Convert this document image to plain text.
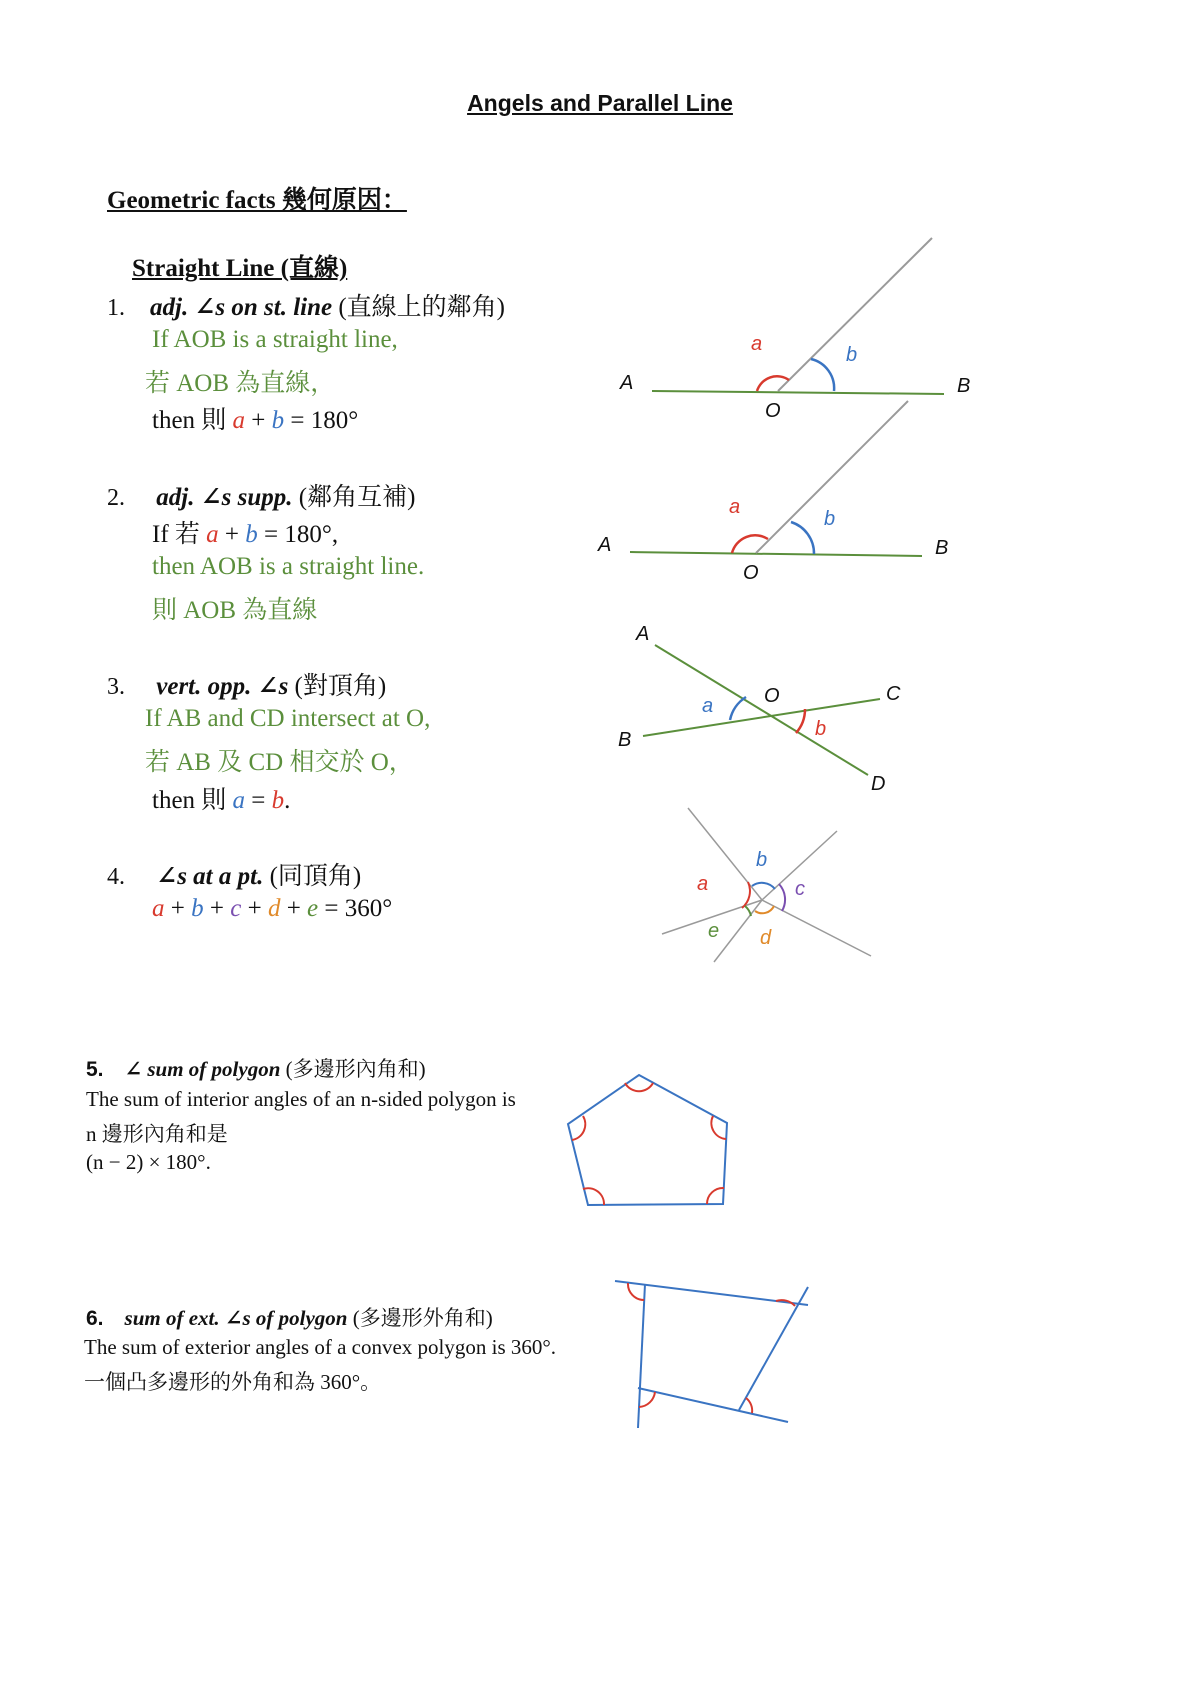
Angels and Parallel Line
Geometric facts 幾何原因：
Straight Line (直線)
1. adj. ∠s on st. line (直線上的鄰角)
If AOB is a straight line,
若 AOB 為直線，
then 則 a + b = 180°
2. adj. ∠s supp. (鄰角互補)
If 若 a + b = 180°,
then AOB is a straight line.
則 AOB 為直線
3. vert. opp. ∠s (對頂角)
If AB and CD intersect at O,
若 AB 及 CD 相交於 O，
then 則 a = b.
4. ∠s at a pt. (同頂角)
a + b + c + d + e = 360°
5. ∠ sum of polygon (多邊形內角和)
The sum of interior angles of an n-sided polygon is
n 邊形內角和是
(n − 2) × 180°.
6. sum of ext. ∠s of polygon (多邊形外角和)
The sum of exterior angles of a convex polygon is 360°.
一個凸多邊形的外角和為 360°。
A	B
O
a	b
A	B
O
a
b
A
B
C
D
O
a
b
a
b
c
d
e
